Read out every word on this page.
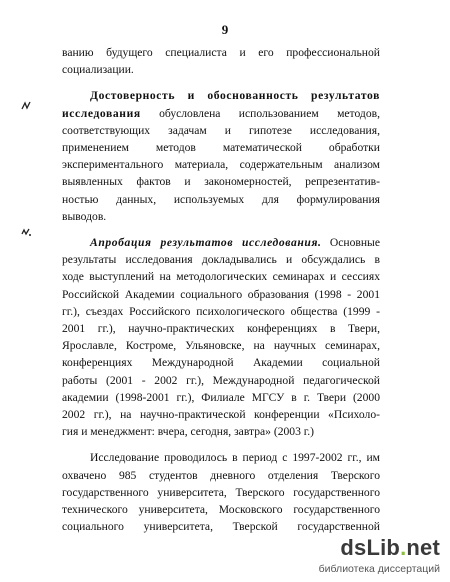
9
ванию будущего специалиста и его профессиональной
социализации.
Достоверность и обоснованность результатов
исследования обусловлена использованием методов,
соответствующих задачам и гипотезе исследования,
применением методов математической обработки
экспериментального материала, содержательным анализом
выявленных фактов и закономерностей, репрезентатив-
ностью данных, используемых для формулирования
выводов.
Апробация результатов исследования. Основные
результаты исследования докладывались и обсуждались в
ходе выступлений на методологических семинарах и сессиях
Российской Академии социального образования (1998 - 2001
гг.), съездах Российского психологического общества (1999 -
2001 гг.), научно-практических конференциях в Твери,
Ярославле, Костроме, Ульяновске, на научных семинарах,
конференциях Международной Академии социальной
работы (2001 - 2002 гг.), Международной педагогической
академии (1998-2001 гг.), Филиале МГСУ в г. Твери (2000
2002 гг.), на научно-практической конференции «Психоло-
гия и менеджмент: вчера, сегодня, завтра» (2003 г.)
Исследование проводилось в период с 1997-2002 гг., им
охвачено 985 студентов дневного отделения Тверского
государственного университета, Тверского государственного
технического университета, Московского государственного
социального университета, Тверской государственной
dsLib.net
библиотека диссертаций
